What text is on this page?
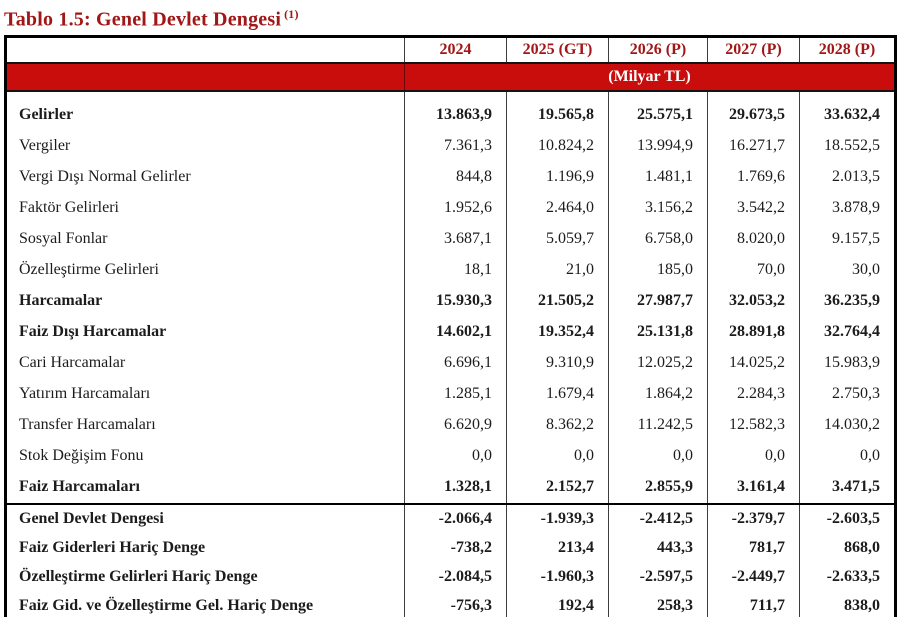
Tablo 1.5: Genel Devlet Dengesi $^{(1)}$
	2024	2025 (GT)	2026 (P)	2027 (P)	2028 (P)
	(Milyar TL)				
Gelirler	13.863,9	19.565,8	25.575,1	29.673,5	33.632,4
Vergiler	7.361,3	10.824,2	13.994,9	16.271,7	18.552,5
Vergi Dışı Normal Gelirler	844,8	1.196,9	1.481,1	1.769,6	2.013,5
Faktör Gelirleri	1.952,6	2.464,0	3.156,2	3.542,2	3.878,9
Sosyal Fonlar	3.687,1	5.059,7	6.758,0	8.020,0	9.157,5
Özelleştirme Gelirleri	18,1	21,0	185,0	70,0	30,0
Harcamalar	15.930,3	21.505,2	27.987,7	32.053,2	36.235,9
Faiz Dışı Harcamalar	14.602,1	19.352,4	25.131,8	28.891,8	32.764,4
Cari Harcamalar	6.696,1	9.310,9	12.025,2	14.025,2	15.983,9
Yatırım Harcamaları	1.285,1	1.679,4	1.864,2	2.284,3	2.750,3
Transfer Harcamaları	6.620,9	8.362,2	11.242,5	12.582,3	14.030,2
Stok Değişim Fonu	0,0	0,0	0,0	0,0	0,0
Faiz Harcamaları	1.328,1	2.152,7	2.855,9	3.161,4	3.471,5
Genel Devlet Dengesi	-2.066,4	-1.939,3	-2.412,5	-2.379,7	-2.603,5
Faiz Giderleri Hariç Denge	-738,2	213,4	443,3	781,7	868,0
Özelleştirme Gelirleri Hariç Denge	-2.084,5	-1.960,3	-2.597,5	-2.449,7	-2.633,5
Faiz Gid. ve Özelleştirme Gel. Hariç Denge	-756,3	192,4	258,3	711,7	838,0
